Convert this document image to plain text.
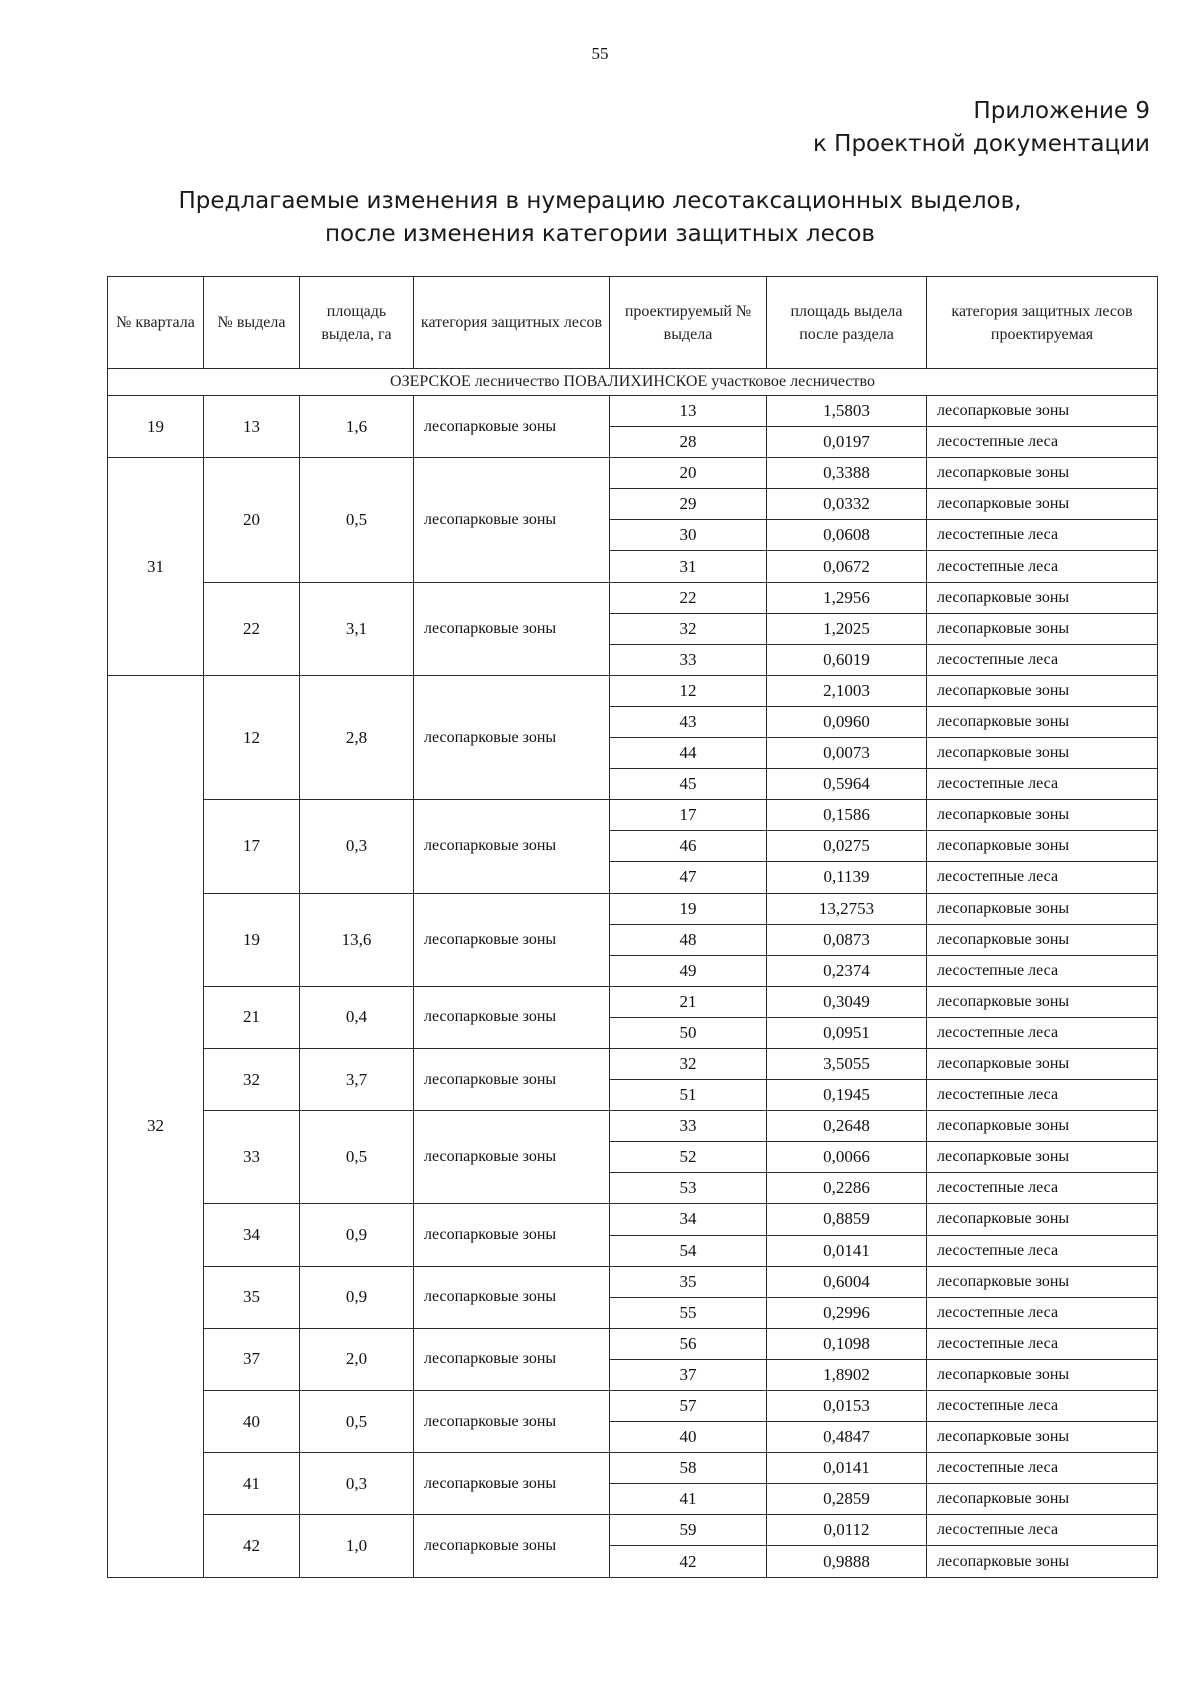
55
Приложение 9
к Проектной документации
Предлагаемые изменения в нумерацию лесотаксационных выделов,
после изменения категории защитных лесов
№ квартала	№ выдела	площадь выдела, га	категория защитных лесов	проектируемый № выдела	площадь выдела после раздела	категория защитных лесов проектируемая
ОЗЕРСКОЕ лесничество ПОВАЛИХИНСКОЕ участковое лесничество						
19	13	1,6	лесопарковые зоны	13	1,5803	лесопарковые зоны
				28	0,0197	лесостепные леса
31	20	0,5	лесопарковые зоны	20	0,3388	лесопарковые зоны
				29	0,0332	лесопарковые зоны
				30	0,0608	лесостепные леса
				31	0,0672	лесостепные леса
	22	3,1	лесопарковые зоны	22	1,2956	лесопарковые зоны
				32	1,2025	лесопарковые зоны
				33	0,6019	лесостепные леса
32	12	2,8	лесопарковые зоны	12	2,1003	лесопарковые зоны
				43	0,0960	лесопарковые зоны
				44	0,0073	лесопарковые зоны
				45	0,5964	лесостепные леса
	17	0,3	лесопарковые зоны	17	0,1586	лесопарковые зоны
				46	0,0275	лесопарковые зоны
				47	0,1139	лесостепные леса
	19	13,6	лесопарковые зоны	19	13,2753	лесопарковые зоны
				48	0,0873	лесопарковые зоны
				49	0,2374	лесостепные леса
	21	0,4	лесопарковые зоны	21	0,3049	лесопарковые зоны
				50	0,0951	лесостепные леса
	32	3,7	лесопарковые зоны	32	3,5055	лесопарковые зоны
				51	0,1945	лесостепные леса
	33	0,5	лесопарковые зоны	33	0,2648	лесопарковые зоны
				52	0,0066	лесопарковые зоны
				53	0,2286	лесостепные леса
	34	0,9	лесопарковые зоны	34	0,8859	лесопарковые зоны
				54	0,0141	лесостепные леса
	35	0,9	лесопарковые зоны	35	0,6004	лесопарковые зоны
				55	0,2996	лесостепные леса
	37	2,0	лесопарковые зоны	56	0,1098	лесостепные леса
				37	1,8902	лесопарковые зоны
	40	0,5	лесопарковые зоны	57	0,0153	лесостепные леса
				40	0,4847	лесопарковые зоны
	41	0,3	лесопарковые зоны	58	0,0141	лесостепные леса
				41	0,2859	лесопарковые зоны
	42	1,0	лесопарковые зоны	59	0,0112	лесостепные леса
				42	0,9888	лесопарковые зоны
